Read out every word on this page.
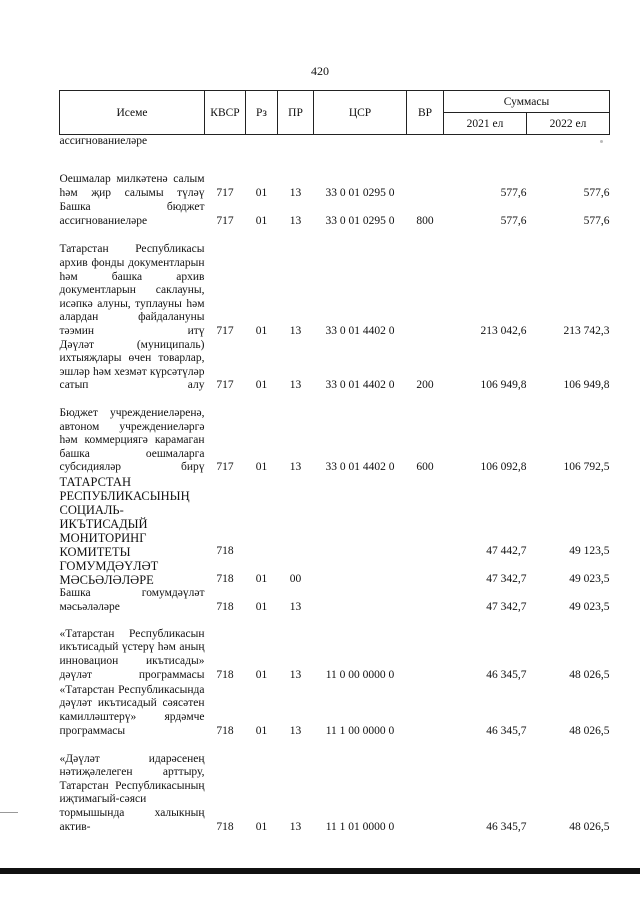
420
Исеме	КВСР	Рз	ПР	ЦСР	ВР	Суммасы	
						2021 ел	2022 ел
ассигнованиеләре							
Оешмалар милкәтенә салым һәм җир салымы түләү	717	01	13	33 0 01 0295 0		577,6	577,6
Башка бюджет ассигнованиеләре	717	01	13	33 0 01 0295 0	800	577,6	577,6
Татарстан Республикасы архив фонды документларын һәм башка архив документларын саклауны, исәпкә алуны, туплауны һәм алардан файдалануны тәэмин итү	717	01	13	33 0 01 4402 0		213 042,6	213 742,3
Дәүләт (муниципаль) ихтыяҗлары өчен товарлар, эшләр һәм хезмәт күрсәтүләр сатып алу	717	01	13	33 0 01 4402 0	200	106 949,8	106 949,8
Бюджет учреждениеләренә, автоном учреждениеләргә һәм коммерциягә карамаган башка оешмаларга субсидияләр бирү	717	01	13	33 0 01 4402 0	600	106 092,8	106 792,5
ТАТАРСТАН РЕСПУБЛИКАСЫНЫҢ СОЦИАЛЬ-ИКЪТИСАДЫЙ МОНИТОРИНГ КОМИТЕТЫ	718					47 442,7	49 123,5
ГОМУМДӘҮЛӘТ МӘСЬӘЛӘЛӘРЕ	718	01	00			47 342,7	49 023,5
Башка гомумдәүләт мәсьәләләре	718	01	13			47 342,7	49 023,5
«Татарстан Республикасын икътисадый үстерү һәм аның инновацион икътисады» дәүләт программасы	718	01	13	11 0 00 0000 0		46 345,7	48 026,5
«Татарстан Республикасында дәүләт икътисадый сәясәтен камилләштерү» ярдәмче программасы	718	01	13	11 1 00 0000 0		46 345,7	48 026,5
«Дәүләт идарәсенең нәтиҗәлелеген арттыру, Татарстан Республикасының иҗтимагый-сәяси тормышында халыкның актив-	718	01	13	11 1 01 0000 0		46 345,7	48 026,5
